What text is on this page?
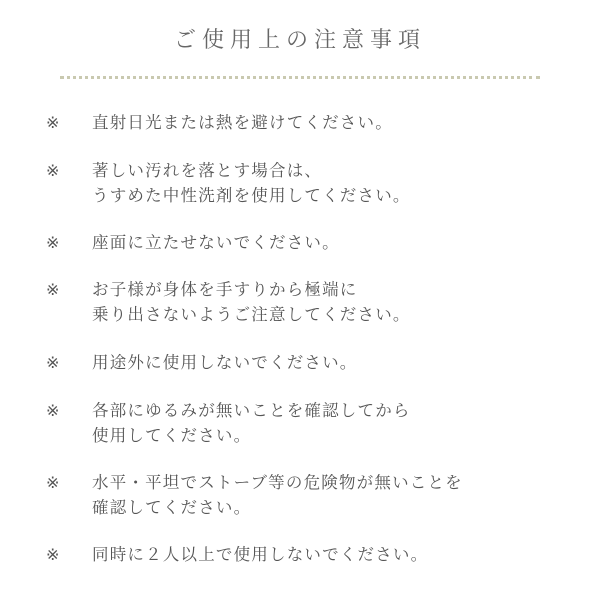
ご使用上の注意事項
※ 直射日光または熱を避けてください。
※ 著しい汚れを落とす場合は、
うすめた中性洗剤を使用してください。
※ 座面に立たせないでください。
※ お子様が身体を手すりから極端に
乗り出さないようご注意してください。
※ 用途外に使用しないでください。
※ 各部にゆるみが無いことを確認してから
使用してください。
※ 水平・平坦でストーブ等の危険物が無いことを
確認してください。
※ 同時に２人以上で使用しないでください。
